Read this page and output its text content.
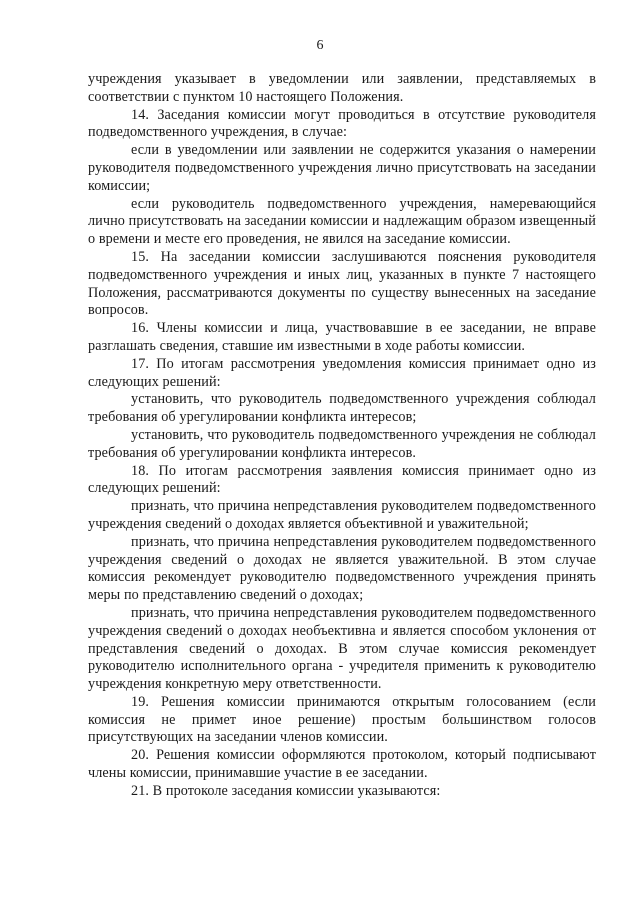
6

учреждения указывает в уведомлении или заявлении, представляемых в соответствии с пунктом 10 настоящего Положения.

14. Заседания комиссии могут проводиться в отсутствие руководителя подведомственного учреждения, в случае:

если в уведомлении или заявлении не содержится указания о намерении руководителя подведомственного учреждения лично присутствовать на заседании комиссии;

если руководитель подведомственного учреждения, намеревающийся лично присутствовать на заседании комиссии и надлежащим образом извещенный о времени и месте его проведения, не явился на заседание комиссии.

15. На заседании комиссии заслушиваются пояснения руководителя подведомственного учреждения и иных лиц, указанных в пункте 7 настоящего Положения, рассматриваются документы по существу вынесенных на заседание вопросов.

16. Члены комиссии и лица, участвовавшие в ее заседании, не вправе разглашать сведения, ставшие им известными в ходе работы комиссии.

17. По итогам рассмотрения уведомления комиссия принимает одно из следующих решений:

установить, что руководитель подведомственного учреждения соблюдал требования об урегулировании конфликта интересов;

установить, что руководитель подведомственного учреждения не соблюдал требования об урегулировании конфликта интересов.

18. По итогам рассмотрения заявления комиссия принимает одно из следующих решений:

признать, что причина непредставления руководителем подведомственного учреждения сведений о доходах является объективной и уважительной;

признать, что причина непредставления руководителем подведомственного учреждения сведений о доходах не является уважительной. В этом случае комиссия рекомендует руководителю подведомственного учреждения принять меры по представлению сведений о доходах;

признать, что причина непредставления руководителем подведомственного учреждения сведений о доходах необъективна и является способом уклонения от представления сведений о доходах. В этом случае комиссия рекомендует руководителю исполнительного органа - учредителя применить к руководителю учреждения конкретную меру ответственности.

19. Решения комиссии принимаются открытым голосованием (если комиссия не примет иное решение) простым большинством голосов присутствующих на заседании членов комиссии.

20. Решения комиссии оформляются протоколом, который подписывают члены комиссии, принимавшие участие в ее заседании.

21. В протоколе заседания комиссии указываются:
